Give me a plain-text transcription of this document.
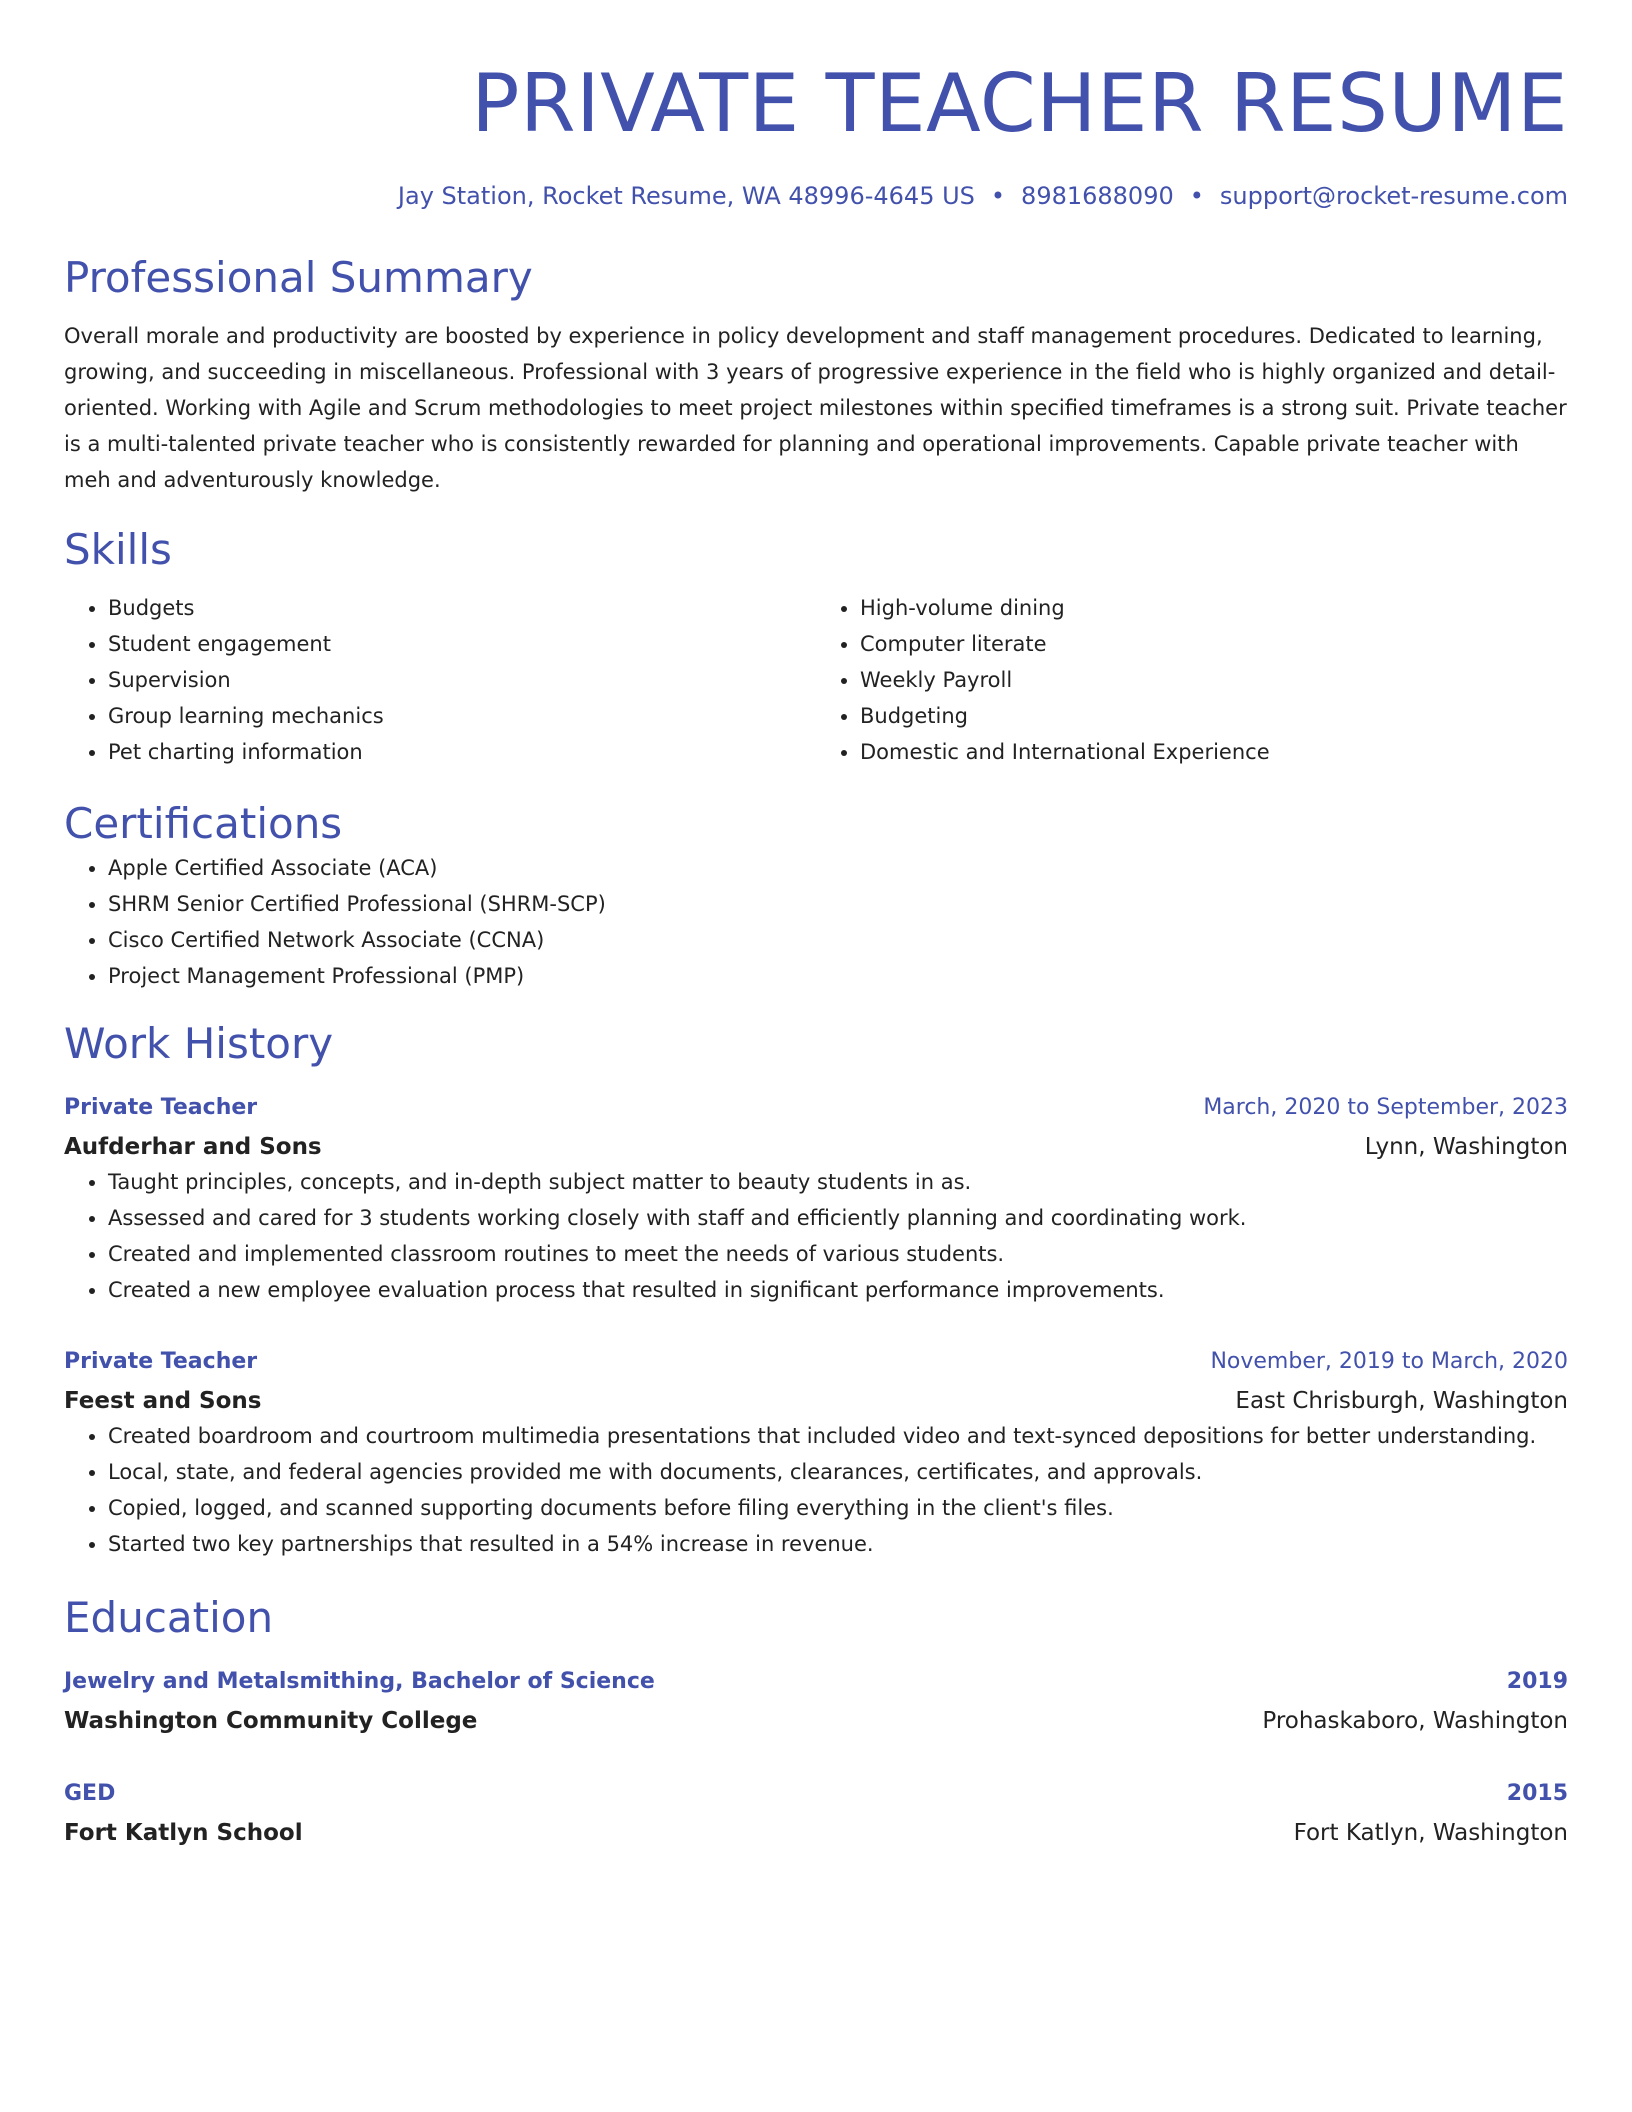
PRIVATE TEACHER RESUME
Jay Station, Rocket Resume, WA 48996-4645 US • 8981688090 • support@rocket-resume.com
Professional Summary
Overall morale and productivity are boosted by experience in policy development and staff management procedures. Dedicated to learning, growing, and succeeding in miscellaneous. Professional with 3 years of progressive experience in the field who is highly organized and detail-oriented. Working with Agile and Scrum methodologies to meet project milestones within specified timeframes is a strong suit. Private teacher is a multi-talented private teacher who is consistently rewarded for planning and operational improvements. Capable private teacher with meh and adventurously knowledge.
Skills
• Budgets
• Student engagement
• Supervision
• Group learning mechanics
• Pet charting information
• High-volume dining
• Computer literate
• Weekly Payroll
• Budgeting
• Domestic and International Experience
Certifications
• Apple Certified Associate (ACA)
• SHRM Senior Certified Professional (SHRM-SCP)
• Cisco Certified Network Associate (CCNA)
• Project Management Professional (PMP)
Work History
Private Teacher	March, 2020 to September, 2023
Aufderhar and Sons	Lynn, Washington
• Taught principles, concepts, and in-depth subject matter to beauty students in as.
• Assessed and cared for 3 students working closely with staff and efficiently planning and coordinating work.
• Created and implemented classroom routines to meet the needs of various students.
• Created a new employee evaluation process that resulted in significant performance improvements.
Private Teacher	November, 2019 to March, 2020
Feest and Sons	East Chrisburgh, Washington
• Created boardroom and courtroom multimedia presentations that included video and text-synced depositions for better understanding.
• Local, state, and federal agencies provided me with documents, clearances, certificates, and approvals.
• Copied, logged, and scanned supporting documents before filing everything in the client's files.
• Started two key partnerships that resulted in a 54% increase in revenue.
Education
Jewelry and Metalsmithing, Bachelor of Science	2019
Washington Community College	Prohaskaboro, Washington
GED	2015
Fort Katlyn School	Fort Katlyn, Washington
